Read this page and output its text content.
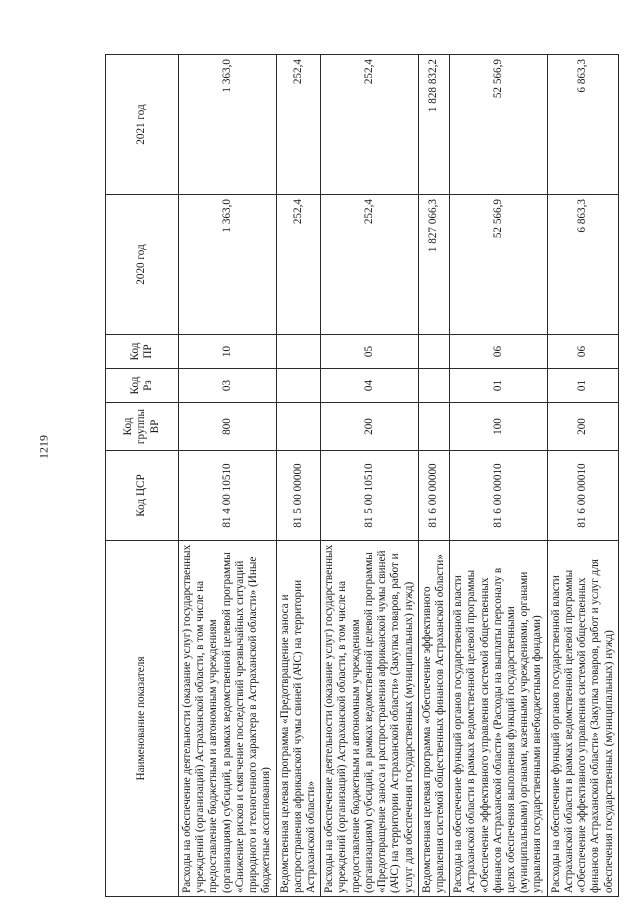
1219
Наименование показателя	Код ЦСР	Код группы ВР	Код Рз	Код ПР	2020 год	2021 год
Расходы на обеспечение деятельности (оказание услуг) государственных учреждений (организаций) Астраханской области, в том числе на предоставление бюджетным и автономным учреждениям (организациям) субсидий, в рамках ведомственной целевой программы «Снижение рисков и смягчение последствий чрезвычайных ситуаций природного и техногенного характера в Астраханской области» (Иные бюджетные ассигнования)	81 4 00 10510	800	03	10	1 363,0	1 363,0
Ведомственная целевая программа «Предотвращение заноса и распространения африканской чумы свиней (АЧС) на территории Астраханской области»	81 5 00 00000				252,4	252,4
Расходы на обеспечение деятельности (оказание услуг) государственных учреждений (организаций) Астраханской области, в том числе на предоставление бюджетным и автономным учреждениям (организациям) субсидий, в рамках ведомственной целевой программы «Предотвращение заноса и распространения африканской чумы свиней (АЧС) на территории Астраханской области» (Закупка товаров, работ и услуг для обеспечения государственных (муниципальных) нужд)	81 5 00 10510	200	04	05	252,4	252,4
Ведомственная целевая программа «Обеспечение эффективного управления системой общественных финансов Астраханской области»	81 6 00 00000				1 827 066,3	1 828 832,2
Расходы на обеспечение функций органов государственной власти Астраханской области в рамках ведомственной целевой программы «Обеспечение эффективного управления системой общественных финансов Астраханской области» (Расходы на выплаты персоналу в целях обеспечения выполнения функций государственными (муниципальными) органами, казенными учреждениями, органами управления государственными внебюджетными фондами)	81 6 00 00010	100	01	06	52 566,9	52 566,9
Расходы на обеспечение функций органов государственной власти Астраханской области в рамках ведомственной целевой программы «Обеспечение эффективного управления системой общественных финансов Астраханской области» (Закупка товаров, работ и услуг для обеспечения государственных (муниципальных) нужд)	81 6 00 00010	200	01	06	6 863,3	6 863,3
